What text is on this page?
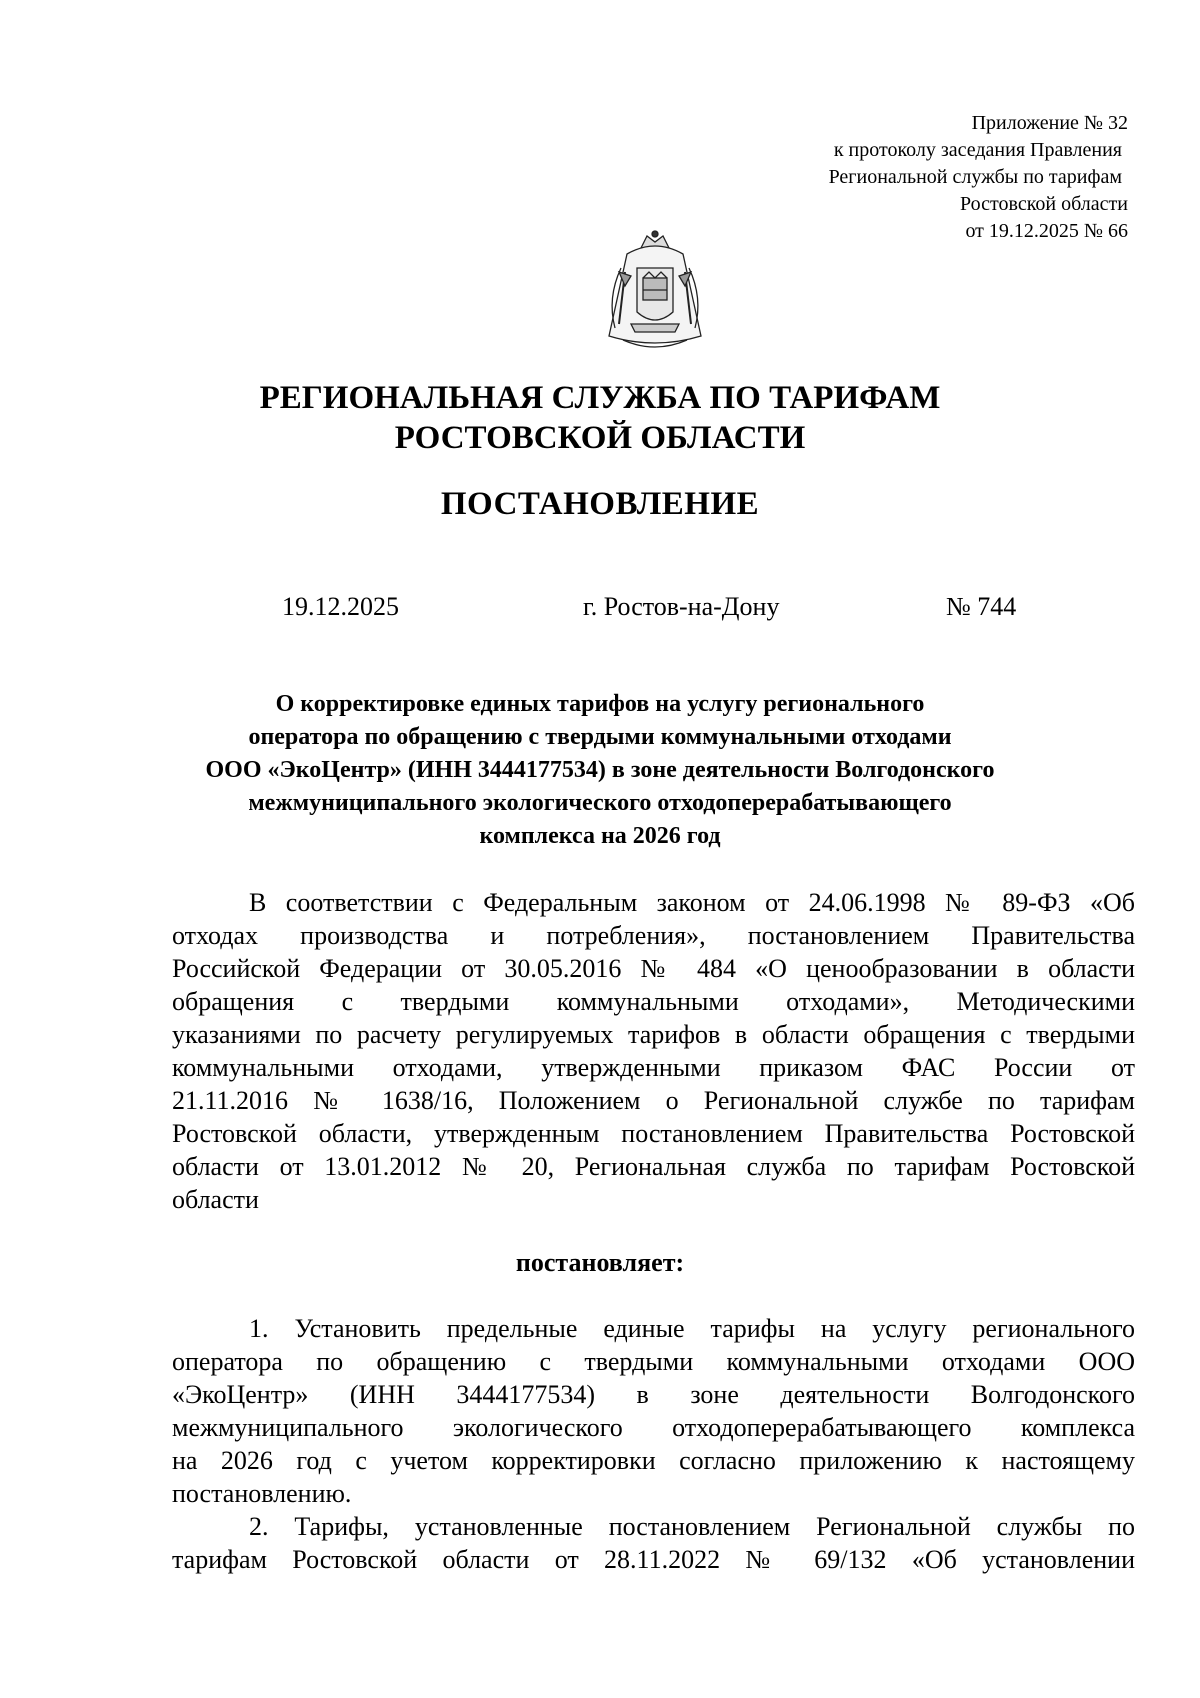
Приложение № 32
к протоколу заседания Правления
Региональной службы по тарифам
Ростовской области
от 19.12.2025 № 66
РЕГИОНАЛЬНАЯ СЛУЖБА ПО ТАРИФАМ
РОСТОВСКОЙ ОБЛАСТИ
ПОСТАНОВЛЕНИЕ
19.12.2025	г. Ростов-на-Дону	№ 744
О корректировке единых тарифов на услугу регионального
оператора по обращению с твердыми коммунальными отходами
ООО «ЭкоЦентр» (ИНН 3444177534) в зоне деятельности Волгодонского
межмуниципального экологического отходоперерабатывающего
комплекса на 2026 год
В соответствии с Федеральным законом от 24.06.1998 № 89-ФЗ «Об
отходах производства и потребления», постановлением Правительства
Российской Федерации от 30.05.2016 № 484 «О ценообразовании в области
обращения с твердыми коммунальными отходами», Методическими
указаниями по расчету регулируемых тарифов в области обращения с твердыми
коммунальными отходами, утвержденными приказом ФАС России от
21.11.2016 № 1638/16, Положением о Региональной службе по тарифам
Ростовской области, утвержденным постановлением Правительства Ростовской
области от 13.01.2012 № 20, Региональная служба по тарифам Ростовской
области
постановляет:
1. Установить предельные единые тарифы на услугу регионального
оператора по обращению с твердыми коммунальными отходами ООО
«ЭкоЦентр» (ИНН 3444177534) в зоне деятельности Волгодонского
межмуниципального экологического отходоперерабатывающего комплекса
на 2026 год с учетом корректировки согласно приложению к настоящему
постановлению.
2. Тарифы, установленные постановлением Региональной службы по
тарифам Ростовской области от 28.11.2022 № 69/132 «Об установлении
